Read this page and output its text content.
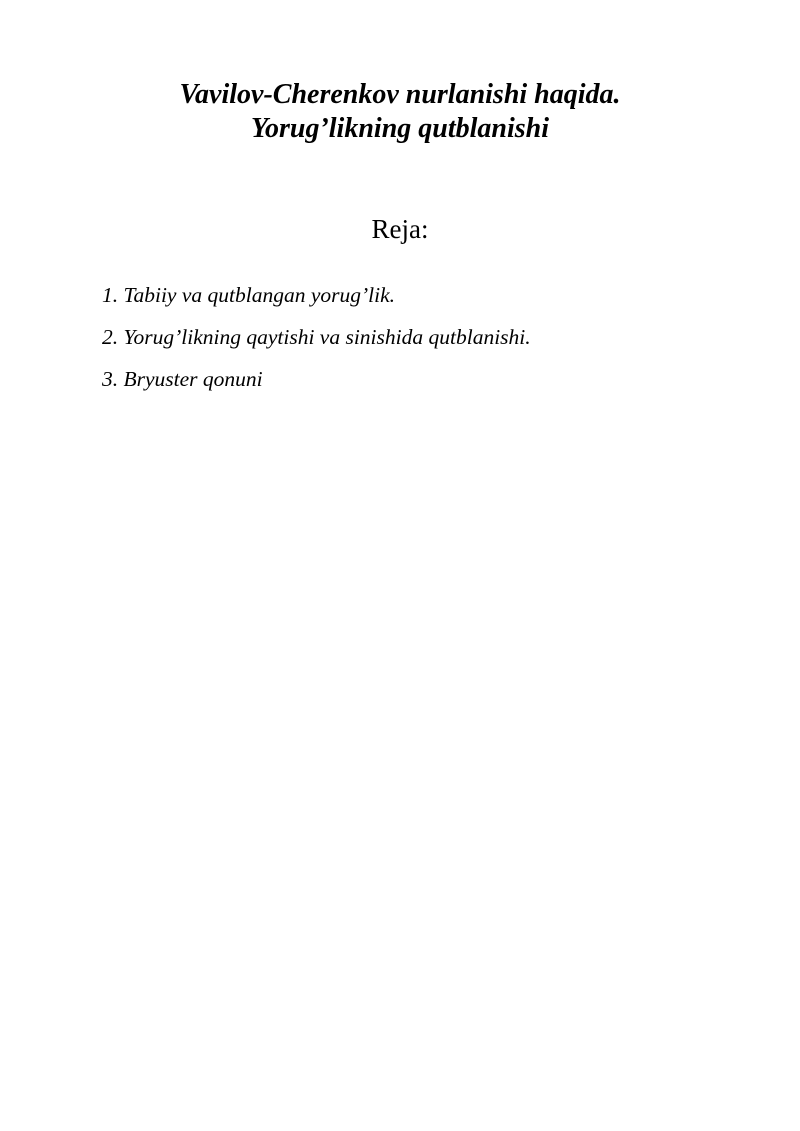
Vavilov-Cherenkov nurlanishi haqida.
Yorug’likning qutblanishi
Reja:
1. Tabiiy va qutblangan yorug’lik.
2. Yorug’likning qaytishi va sinishida qutblanishi.
3. Bryuster qonuni
